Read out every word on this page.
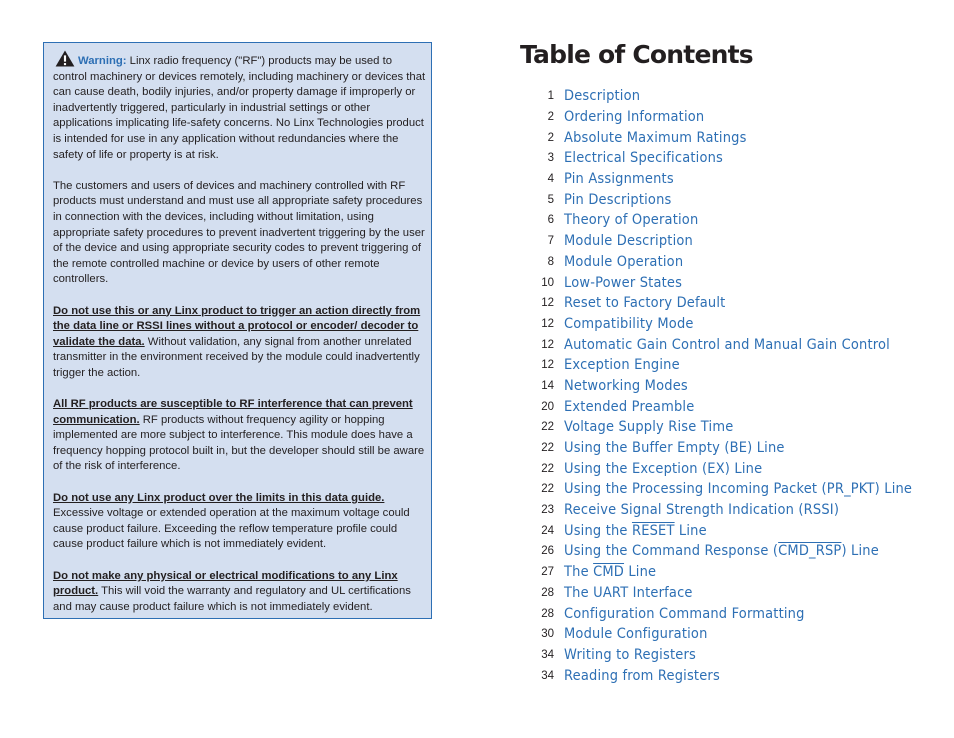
Warning: Linx radio frequency ("RF") products may be used to control machinery or devices remotely, including machinery or devices that can cause death, bodily injuries, and/or property damage if improperly or inadvertently triggered, particularly in industrial settings or other applications implicating life-safety concerns. No Linx Technologies product is intended for use in any application without redundancies where the safety of life or property is at risk.

The customers and users of devices and machinery controlled with RF products must understand and must use all appropriate safety procedures in connection with the devices, including without limitation, using appropriate safety procedures to prevent inadvertent triggering by the user of the device and using appropriate security codes to prevent triggering of the remote controlled machine or device by users of other remote controllers.

Do not use this or any Linx product to trigger an action directly from the data line or RSSI lines without a protocol or encoder/ decoder to validate the data. Without validation, any signal from another unrelated transmitter in the environment received by the module could inadvertently trigger the action.

All RF products are susceptible to RF interference that can prevent communication. RF products without frequency agility or hopping implemented are more subject to interference. This module does have a frequency hopping protocol built in, but the developer should still be aware of the risk of interference.

Do not use any Linx product over the limits in this data guide. Excessive voltage or extended operation at the maximum voltage could cause product failure. Exceeding the reflow temperature profile could cause product failure which is not immediately evident.

Do not make any physical or electrical modifications to any Linx product. This will void the warranty and regulatory and UL certifications and may cause product failure which is not immediately evident.

Table of Contents
1 Description
2 Ordering Information
2 Absolute Maximum Ratings
3 Electrical Specifications
4 Pin Assignments
5 Pin Descriptions
6 Theory of Operation
7 Module Description
8 Module Operation
10 Low-Power States
12 Reset to Factory Default
12 Compatibility Mode
12 Automatic Gain Control and Manual Gain Control
12 Exception Engine
14 Networking Modes
20 Extended Preamble
22 Voltage Supply Rise Time
22 Using the Buffer Empty (BE) Line
22 Using the Exception (EX) Line
22 Using the Processing Incoming Packet (PR_PKT) Line
23 Receive Signal Strength Indication (RSSI)
24 Using the RESET Line
26 Using the Command Response (CMD_RSP) Line
27 The $\overline{CMD}$ Line
28 The UART Interface
28 Configuration Command Formatting
30 Module Configuration
34 Writing to Registers
34 Reading from Registers
